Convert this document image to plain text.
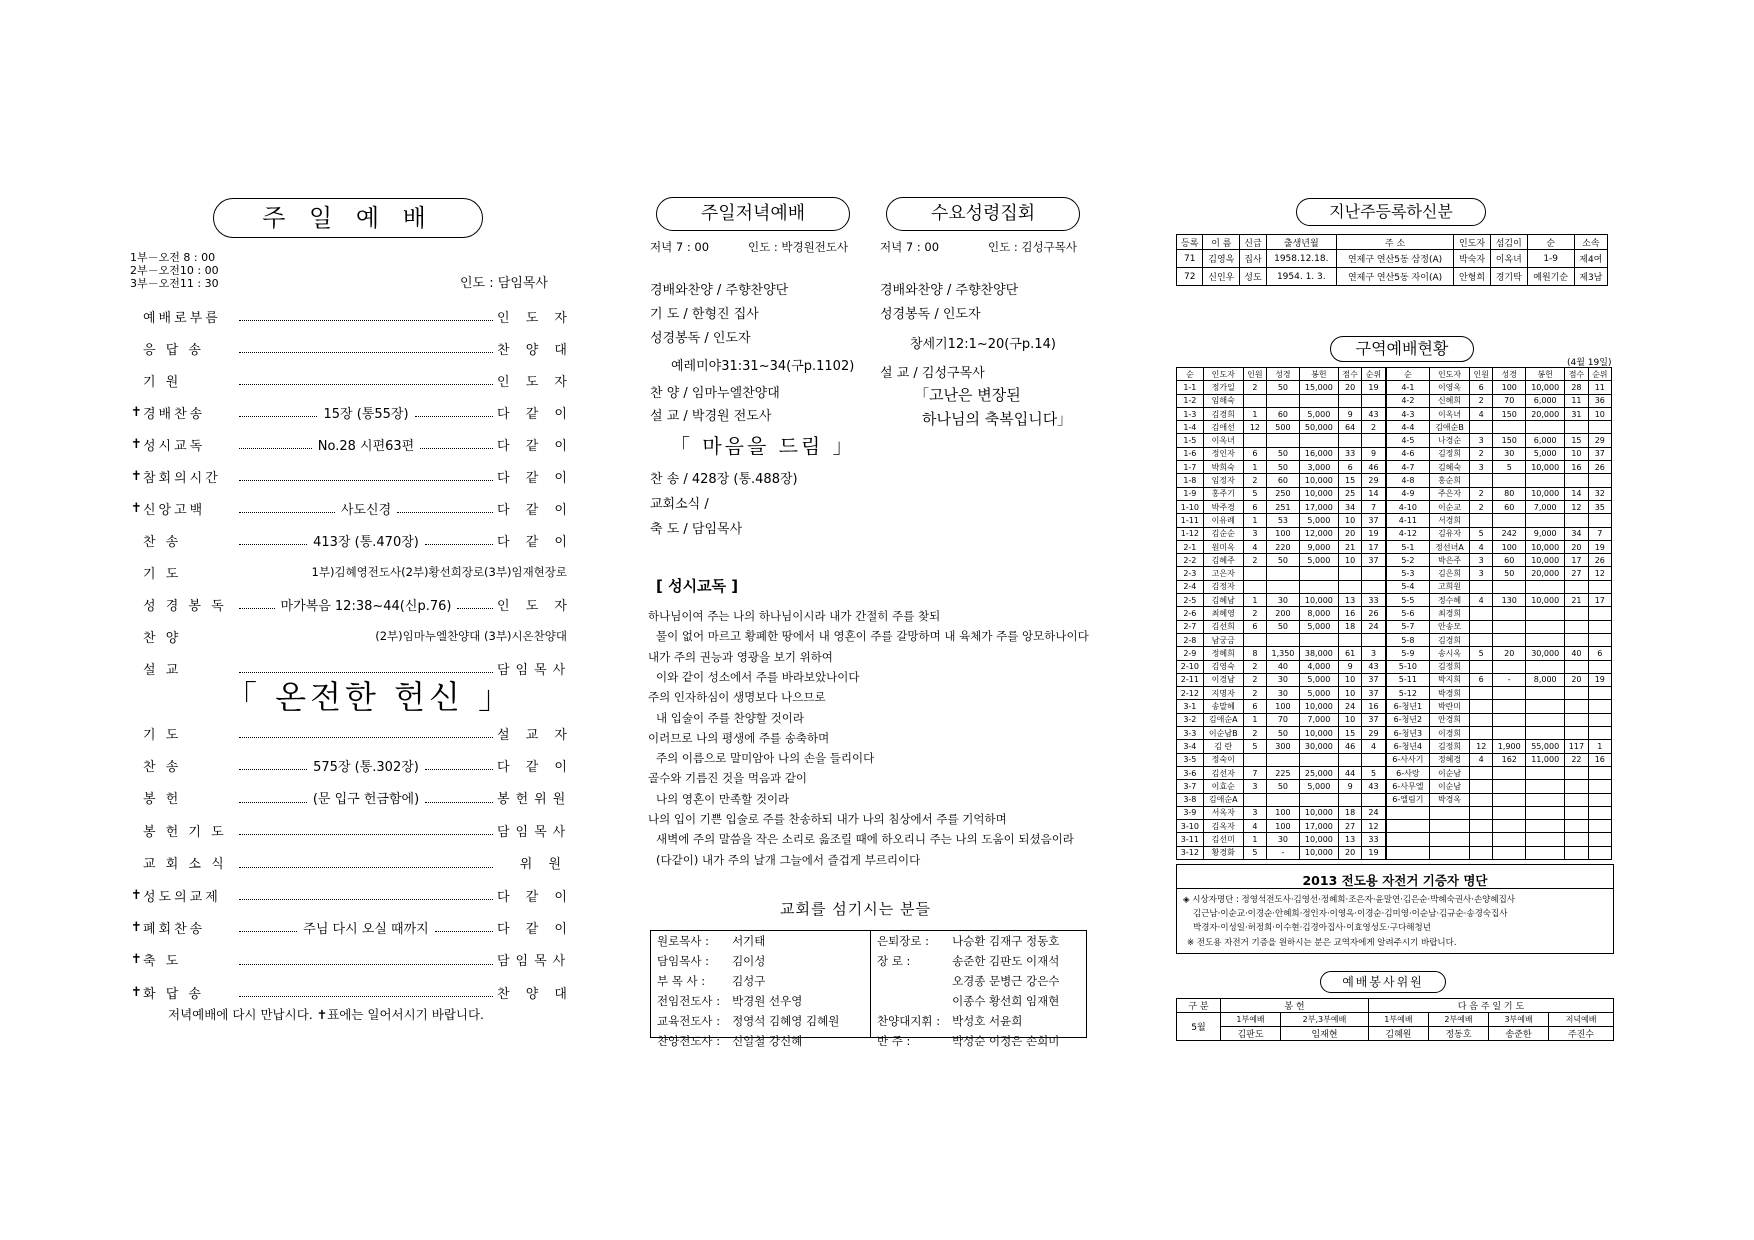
주 일 예 배
1부－오전 8 : 00
2부－오전10 : 00
3부－오전11 : 30	인도 : 담임목사
예배로부름	인 도 자
응 답 송	찬 양 대
기 원	인 도 자
✝ 경배찬송	15장 (통55장)	다 같 이
✝ 성시교독	No.28 시편63편	다 같 이
✝ 참회의시간	다 같 이
✝ 신앙고백	사도신경	다 같 이
찬 송	413장 (통.470장)	다 같 이
기 도	1부)김혜영전도사(2부)황선희장로(3부)임재현장로
성 경 봉 독	마가복음 12:38~44(신p.76)	인 도 자
찬 양	(2부)임마누엘찬양대 (3부)시온찬양대
설 교	담임목사
「 온전한 헌신 」
기 도	설 교 자
찬 송	575장 (통.302장)	다 같 이
봉 헌	(문 입구 헌금함에)	봉헌위원
봉 헌 기 도	담임목사
교 회 소 식	위 원
✝ 성도의교제	다 같 이
✝ 폐회찬송	주님 다시 오실 때까지	다 같 이
✝ 축 도	담임목사
✝ 화 답 송	찬 양 대
저녁예배에 다시 만납시다. ✝표에는 일어서시기 바랍니다.
주일저녁예배
저녁 7 : 00	인도 : 박경원전도사
경배와찬양 / 주향찬양단
기 도 / 한형진 집사
성경봉독 / 인도자
예레미야31:31~34(구p.1102)
찬 양 / 임마누엘찬양대
설 교 / 박경원 전도사
「 마음을 드림 」
찬 송 / 428장 (통.488장)
교회소식 /
축 도 / 담임목사
수요성령집회
저녁 7 : 00	인도 : 김성구목사
경배와찬양 / 주향찬양단
성경봉독 / 인도자
창세기12:1~20(구p.14)
설 교 / 김성구목사
「고난은 변장된
하나님의 축복입니다」
[ 성시교독 ]
하나님이여 주는 나의 하나님이시라 내가 간절히 주를 찾되
물이 없어 마르고 황폐한 땅에서 내 영혼이 주를 갈망하며 내 육체가 주를 앙모하나이다
내가 주의 권능과 영광을 보기 위하여
이와 같이 성소에서 주를 바라보았나이다
주의 인자하심이 생명보다 나으므로
내 입술이 주를 찬양할 것이라
이러므로 나의 평생에 주를 송축하며
주의 이름으로 말미암아 나의 손을 들리이다
골수와 기름진 것을 먹음과 같이
나의 영혼이 만족할 것이라
나의 입이 기쁜 입술로 주를 찬송하되 내가 나의 침상에서 주를 기억하며
새벽에 주의 말씀을 작은 소리로 읊조릴 때에 하오리니 주는 나의 도움이 되셨음이라
(다같이) 내가 주의 날개 그늘에서 즐겁게 부르리이다
교회를 섬기시는 분들
원로목사 :	서기태
담임목사 :	김이성
부 목 사 :	김성구
전임전도사 :	박경원 선우영
교육전도사 :	정영석 김혜영 김혜원
찬양전도사 :	신일철 강신혜
은퇴장로 :	나승환 김재구 정동호
장 로 :	송준한 김판도 이재석
	오경종 문병근 강은수
	이종수 황선희 임재현
찬양대지휘 :	박성호 서윤희
반 주 :	박성순 이정은 손희미
지난주등록하신분
등록	이 름	신급	출생년월	주 소	인도자	섬김이	순	소속
71	김영옥	집사	1958.12.18.	연제구 연산5동 삼정(A)	박숙자	이옥녀	1-9	제4여
72	신인우	성도	1954. 1. 3.	연제구 연산5동 자이(A)	안형희	경기탁	예원기순	제3남
구역예배현황
(4월 19일)
순	인도자	인원	성경	봉헌	점수	순위	순	인도자	인원	성경	봉헌	점수	순위
1-1	정가일	2	50	15,000	20	19	4-1	이영옥	6	100	10,000	28	11
1-2	임해숙						4-2	신혜희	2	70	6,000	11	36
1-3	김경희	1	60	5,000	9	43	4-3	이옥녀	4	150	20,000	31	10
1-4	김애선	12	500	50,000	64	2	4-4	김애순B					
1-5	이옥녀						4-5	나경순	3	150	6,000	15	29
1-6	정인자	6	50	16,000	33	9	4-6	김정희	2	30	5,000	10	37
1-7	박희숙	1	50	3,000	6	46	4-7	김혜숙	3	5	10,000	16	26
1-8	임정자	2	60	10,000	15	29	4-8	홍순희					
1-9	홍주기	5	250	10,000	25	14	4-9	주은자	2	80	10,000	14	32
1-10	박주경	6	251	17,000	34	7	4-10	이순교	2	60	7,000	12	35
1-11	이유례	1	53	5,000	10	37	4-11	서경희					
1-12	김순순	3	100	12,000	20	19	4-12	김유자	5	242	9,000	34	7
2-1	원미옥	4	220	9,000	21	17	5-1	정선녀A	4	100	10,000	20	19
2-2	김혜주	2	50	5,000	10	37	5-2	박은주	3	60	10,000	17	26
2-3	고은자						5-3	김은희	3	50	20,000	27	12
2-4	김정자						5-4	고희원					
2-5	김혜남	1	30	10,000	13	33	5-5	정수혜	4	130	10,000	21	17
2-6	최혜영	2	200	8,000	16	26	5-6	최경희					
2-7	김선희	6	50	5,000	18	24	5-7	안송모					
2-8	남궁금						5-8	김경희					
2-9	정혜희	8	1,350	38,000	61	3	5-9	송시옥	5	20	30,000	40	6
2-10	김영숙	2	40	4,000	9	43	5-10	김정희					
2-11	이경남	2	30	5,000	10	37	5-11	박지희	6	-	8,000	20	19
2-12	지명자	2	30	5,000	10	37	5-12	박경희					
3-1	송말혜	6	100	10,000	24	16	6-청년1	박란미					
3-2	김애순A	1	70	7,000	10	37	6-청년2	안경희					
3-3	이순남B	2	50	10,000	15	29	6-청년3	이경희					
3-4	김 란	5	300	30,000	46	4	6-청년4	김정희	12	1,900	55,000	117	1
3-5	정숙이						6-사사기	정혜경	4	162	11,000	22	16
3-6	김선자	7	225	25,000	44	5	6-사랑	이순남					
3-7	이효순	3	50	5,000	9	43	6-사무엘	이순남					
3-8	김애순A						6-엘림기	박경옥					
3-9	서옥자	3	100	10,000	18	24							
3-10	김옥자	4	100	17,000	27	12							
3-11	김선미	1	30	10,000	13	33							
3-12	황경화	5	-	10,000	20	19							
2013 전도용 자전거 기증자 명단
◈ 시상자명단 : 정영석전도사·김영선·정혜희·조은자·윤말연·김은순·박혜숙권사·손양혜집사
김근남·이순교·이경순·안혜희·정인자·이영옥·이경순·김미영·이순남·김규순·송경숙집사
박경자·이성일·허정희·이수현·김경아집사·이효영성도·구다해청년
※ 전도용 자전거 기증을 원하시는 분은 교역자에게 알려주시기 바랍니다.
예배봉사위원
구 분	봉 헌		다 음 주 일 기 도			
5월	1부예배	2부,3부예배	1부예배	2부예배	3부예배	저녁예배
	김판도	임재현	김혜원	정동호	송준한	주진수
